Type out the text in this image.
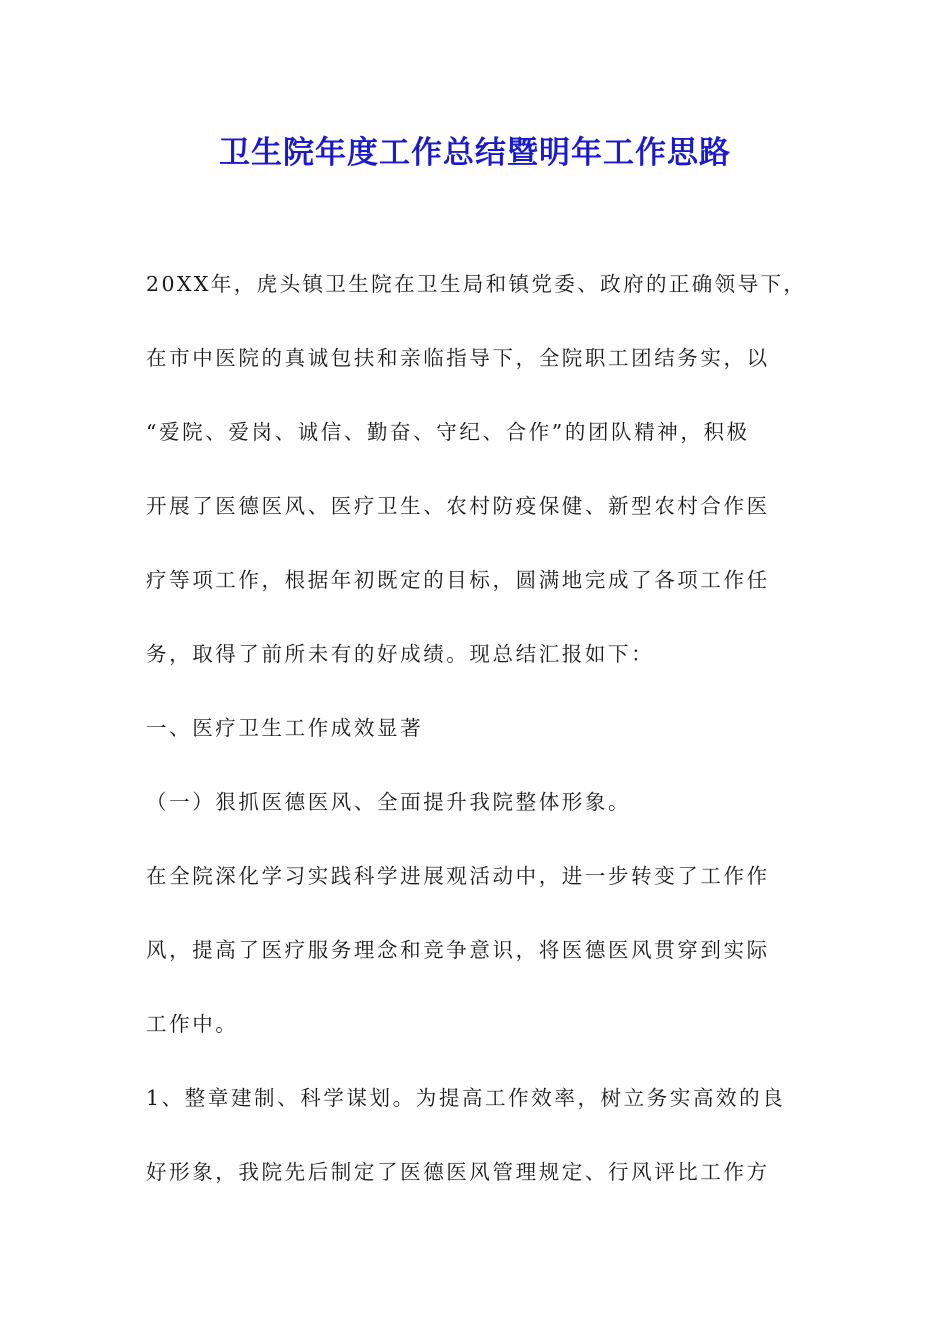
卫生院年度工作总结暨明年工作思路
20XX年，虎头镇卫生院在卫生局和镇党委、政府的正确领导下，
在市中医院的真诚包扶和亲临指导下，全院职工团结务实，以
“爱院、爱岗、诚信、勤奋、守纪、合作”的团队精神，积极
开展了医德医风、医疗卫生、农村防疫保健、新型农村合作医
疗等项工作，根据年初既定的目标，圆满地完成了各项工作任
务，取得了前所未有的好成绩。现总结汇报如下：
一、医疗卫生工作成效显著
（一）狠抓医德医风、全面提升我院整体形象。
在全院深化学习实践科学进展观活动中，进一步转变了工作作
风，提高了医疗服务理念和竞争意识，将医德医风贯穿到实际
工作中。
1、整章建制、科学谋划。为提高工作效率，树立务实高效的良
好形象，我院先后制定了医德医风管理规定、行风评比工作方
